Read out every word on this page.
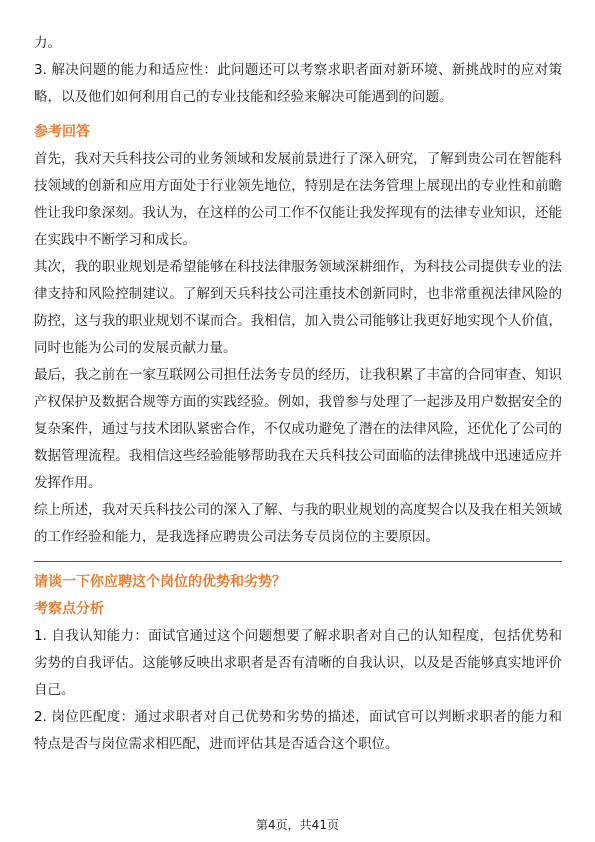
力。

3. 解决问题的能力和适应性：此问题还可以考察求职者面对新环境、新挑战时的应对策略，以及他们如何利用自己的专业技能和经验来解决可能遇到的问题。

参考回答

首先，我对天兵科技公司的业务领域和发展前景进行了深入研究，了解到贵公司在智能科技领域的创新和应用方面处于行业领先地位，特别是在法务管理上展现出的专业性和前瞻性让我印象深刻。我认为，在这样的公司工作不仅能让我发挥现有的法律专业知识，还能在实践中不断学习和成长。

其次，我的职业规划是希望能够在科技法律服务领域深耕细作，为科技公司提供专业的法律支持和风险控制建议。了解到天兵科技公司注重技术创新同时，也非常重视法律风险的防控，这与我的职业规划不谋而合。我相信，加入贵公司能够让我更好地实现个人价值，同时也能为公司的发展贡献力量。

最后，我之前在一家互联网公司担任法务专员的经历，让我积累了丰富的合同审查、知识产权保护及数据合规等方面的实践经验。例如，我曾参与处理了一起涉及用户数据安全的复杂案件，通过与技术团队紧密合作，不仅成功避免了潜在的法律风险，还优化了公司的数据管理流程。我相信这些经验能够帮助我在天兵科技公司面临的法律挑战中迅速适应并发挥作用。

综上所述，我对天兵科技公司的深入了解、与我的职业规划的高度契合以及我在相关领域的工作经验和能力，是我选择应聘贵公司法务专员岗位的主要原因。

请谈一下你应聘这个岗位的优势和劣势？

考察点分析

1. 自我认知能力：面试官通过这个问题想要了解求职者对自己的认知程度，包括优势和劣势的自我评估。这能够反映出求职者是否有清晰的自我认识，以及是否能够真实地评价自己。

2. 岗位匹配度：通过求职者对自己优势和劣势的描述，面试官可以判断求职者的能力和特点是否与岗位需求相匹配，进而评估其是否适合这个职位。

第4页，共41页
